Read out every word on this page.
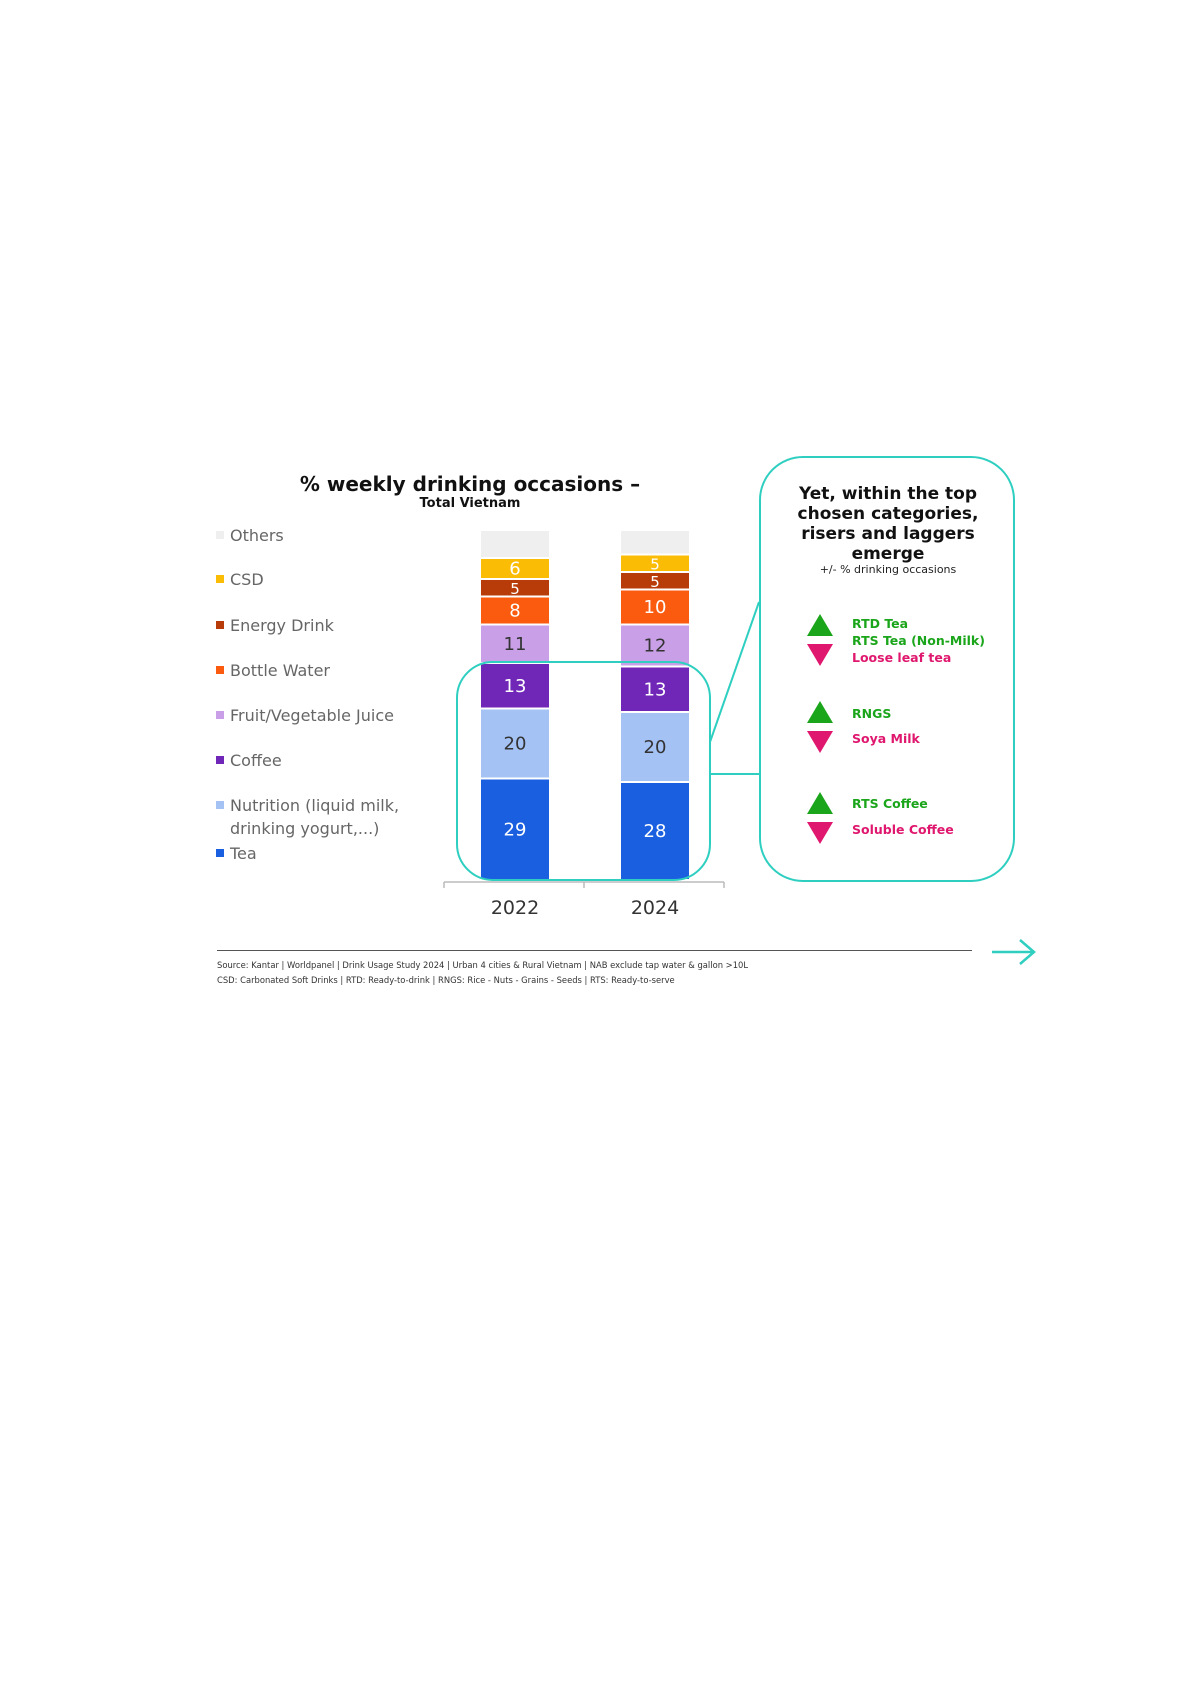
% weekly drinking occasions –
Total Vietnam
Others
CSD
Energy Drink
Bottle Water
Fruit/Vegetable Juice
Coffee
Nutrition (liquid milk,
drinking yogurt,...)
Tea
29
20
13
11
8
5
6
28
20
13
12
10
5
5
2022	2024
Yet, within the top chosen categories, risers and laggers emerge
+/- % drinking occasions
RTD Tea
RTS Tea (Non-Milk)
Loose leaf tea
RNGS
Soya Milk
RTS Coffee
Soluble Coffee
Source: Kantar | Worldpanel | Drink Usage Study 2024 | Urban 4 cities & Rural Vietnam | NAB exclude tap water & gallon >10L
CSD: Carbonated Soft Drinks | RTD: Ready-to-drink | RNGS: Rice - Nuts - Grains - Seeds | RTS: Ready-to-serve
